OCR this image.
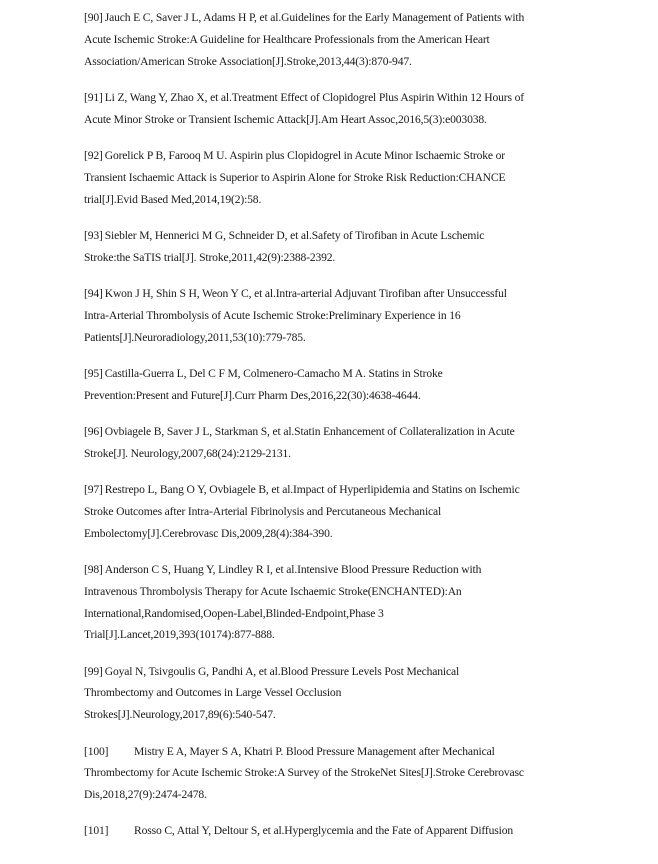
[90] Jauch E C, Saver J L, Adams H P, et al.Guidelines for the Early Management of Patients with
Acute Ischemic Stroke:A Guideline for Healthcare Professionals from the American Heart
Association/American Stroke Association[J].Stroke,2013,44(3):870-947.
[91] Li Z, Wang Y, Zhao X, et al.Treatment Effect of Clopidogrel Plus Aspirin Within 12 Hours of
Acute Minor Stroke or Transient Ischemic Attack[J].Am Heart Assoc,2016,5(3):e003038.
[92] Gorelick P B, Farooq M U. Aspirin plus Clopidogrel in Acute Minor Ischaemic Stroke or
Transient Ischaemic Attack is Superior to Aspirin Alone for Stroke Risk Reduction:CHANCE
trial[J].Evid Based Med,2014,19(2):58.
[93] Siebler M, Hennerici M G, Schneider D, et al.Safety of Tirofiban in Acute Lschemic
Stroke:the SaTIS trial[J]. Stroke,2011,42(9):2388-2392.
[94] Kwon J H, Shin S H, Weon Y C, et al.Intra-arterial Adjuvant Tirofiban after Unsuccessful
Intra-Arterial Thrombolysis of Acute Ischemic Stroke:Preliminary Experience in 16
Patients[J].Neuroradiology,2011,53(10):779-785.
[95] Castilla-Guerra L, Del C F M, Colmenero-Camacho M A. Statins in Stroke
Prevention:Present and Future[J].Curr Pharm Des,2016,22(30):4638-4644.
[96] Ovbiagele B, Saver J L, Starkman S, et al.Statin Enhancement of Collateralization in Acute
Stroke[J]. Neurology,2007,68(24):2129-2131.
[97] Restrepo L, Bang O Y, Ovbiagele B, et al.Impact of Hyperlipidemia and Statins on Ischemic
Stroke Outcomes after Intra-Arterial Fibrinolysis and Percutaneous Mechanical
Embolectomy[J].Cerebrovasc Dis,2009,28(4):384-390.
[98] Anderson C S, Huang Y, Lindley R I, et al.Intensive Blood Pressure Reduction with
Intravenous Thrombolysis Therapy for Acute Ischaemic Stroke(ENCHANTED):An
International,Randomised,Oopen-Label,Blinded-Endpoint,Phase 3
Trial[J].Lancet,2019,393(10174):877-888.
[99] Goyal N, Tsivgoulis G, Pandhi A, et al.Blood Pressure Levels Post Mechanical
Thrombectomy and Outcomes in Large Vessel Occlusion
Strokes[J].Neurology,2017,89(6):540-547.
[100] Mistry E A, Mayer S A, Khatri P. Blood Pressure Management after Mechanical
Thrombectomy for Acute Ischemic Stroke:A Survey of the StrokeNet Sites[J].Stroke Cerebrovasc
Dis,2018,27(9):2474-2478.
[101] Rosso C, Attal Y, Deltour S, et al.Hyperglycemia and the Fate of Apparent Diffusion
